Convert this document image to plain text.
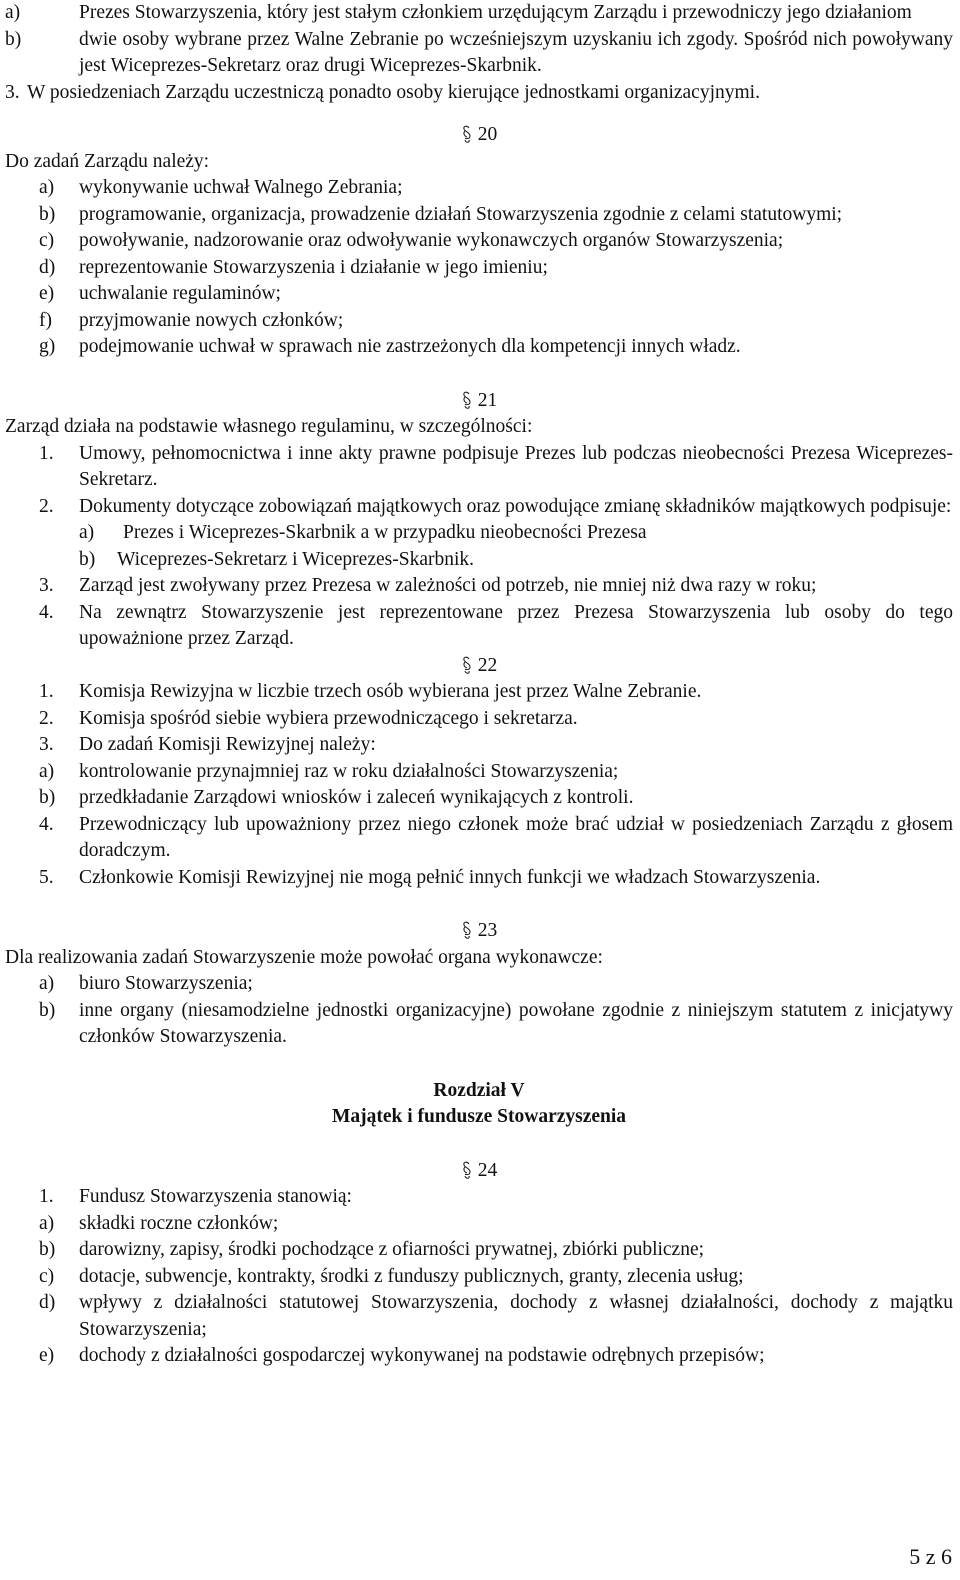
a)	Prezes Stowarzyszenia, który jest stałym członkiem urzędującym Zarządu i przewodniczy jego działaniom
b)	dwie osoby wybrane przez Walne Zebranie po wcześniejszym uzyskaniu ich zgody. Spośród nich powoływany jest Wiceprezes-Sekretarz oraz drugi Wiceprezes-Skarbnik.
3. W posiedzeniach Zarządu uczestniczą ponadto osoby kierujące jednostkami organizacyjnymi.

20

Do zadań Zarządu należy:

a)	wykonywanie uchwał Walnego Zebrania;
b)	programowanie, organizacja, prowadzenie działań Stowarzyszenia zgodnie z celami statutowymi;
c)	powoływanie, nadzorowanie oraz odwoływanie wykonawczych organów Stowarzyszenia;
d)	reprezentowanie Stowarzyszenia i działanie w jego imieniu;
e)	uchwalanie regulaminów;
f)	przyjmowanie nowych członków;
g)	podejmowanie uchwał w sprawach nie zastrzeżonych dla kompetencji innych władz.

21

Zarząd działa na podstawie własnego regulaminu, w szczególności:

1.	Umowy, pełnomocnictwa i inne akty prawne podpisuje Prezes lub podczas nieobecności Prezesa Wiceprezes-Sekretarz.
2.	Dokumenty dotyczące zobowiązań majątkowych oraz powodujące zmianę składników majątkowych podpisuje:
a)	Prezes i Wiceprezes-Skarbnik a w przypadku nieobecności Prezesa
b)	Wiceprezes-Sekretarz i Wiceprezes-Skarbnik.
3.	Zarząd jest zwoływany przez Prezesa w zależności od potrzeb, nie mniej niż dwa razy w roku;
4.	Na zewnątrz Stowarzyszenie jest reprezentowane przez Prezesa Stowarzyszenia lub osoby do tego upoważnione przez Zarząd.

22

1.	Komisja Rewizyjna w liczbie trzech osób wybierana jest przez Walne Zebranie.
2.	Komisja spośród siebie wybiera przewodniczącego i sekretarza.
3.	Do zadań Komisji Rewizyjnej należy:
a)	kontrolowanie przynajmniej raz w roku działalności Stowarzyszenia;
b)	przedkładanie Zarządowi wniosków i zaleceń wynikających z kontroli.
4.	Przewodniczący lub upoważniony przez niego członek może brać udział w posiedzeniach Zarządu z głosem doradczym.
5.	Członkowie Komisji Rewizyjnej nie mogą pełnić innych funkcji we władzach Stowarzyszenia.

23

Dla realizowania zadań Stowarzyszenie może powołać organa wykonawcze:

a)	biuro Stowarzyszenia;
b)	inne organy (niesamodzielne jednostki organizacyjne) powołane zgodnie z niniejszym statutem z inicjatywy członków Stowarzyszenia.

Rozdział V

Majątek i fundusze Stowarzyszenia

24

1.	Fundusz Stowarzyszenia stanowią:
a)	składki roczne członków;
b)	darowizny, zapisy, środki pochodzące z ofiarności prywatnej, zbiórki publiczne;
c)	dotacje, subwencje, kontrakty, środki z funduszy publicznych, granty, zlecenia usług;
d)	wpływy z działalności statutowej Stowarzyszenia, dochody z własnej działalności, dochody z majątku Stowarzyszenia;
e)	dochody z działalności gospodarczej wykonywanej na podstawie odrębnych przepisów;
5 z 6
